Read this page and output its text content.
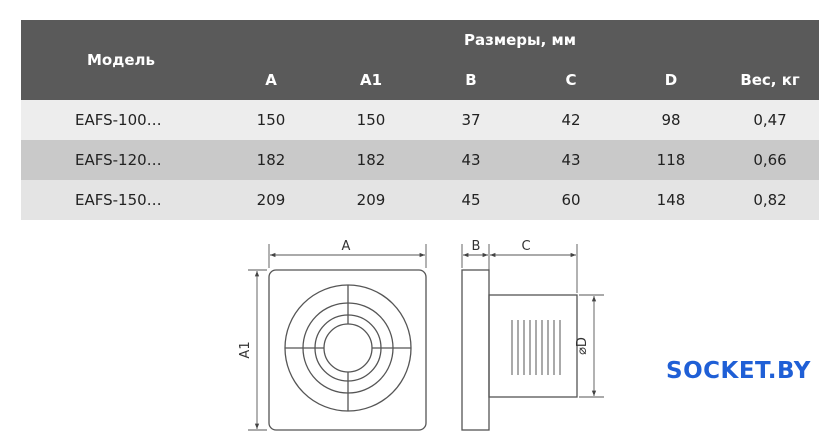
Модель	Размеры, мм					
	A	A1	B	C	D	Вес, кг
EAFS-100…	150	150	37	42	98	0,47
EAFS-120…	182	182	43	43	118	0,66
EAFS-150…	209	209	45	60	148	0,82
A
A1
B	C
⌀D
SOCKET.BY
